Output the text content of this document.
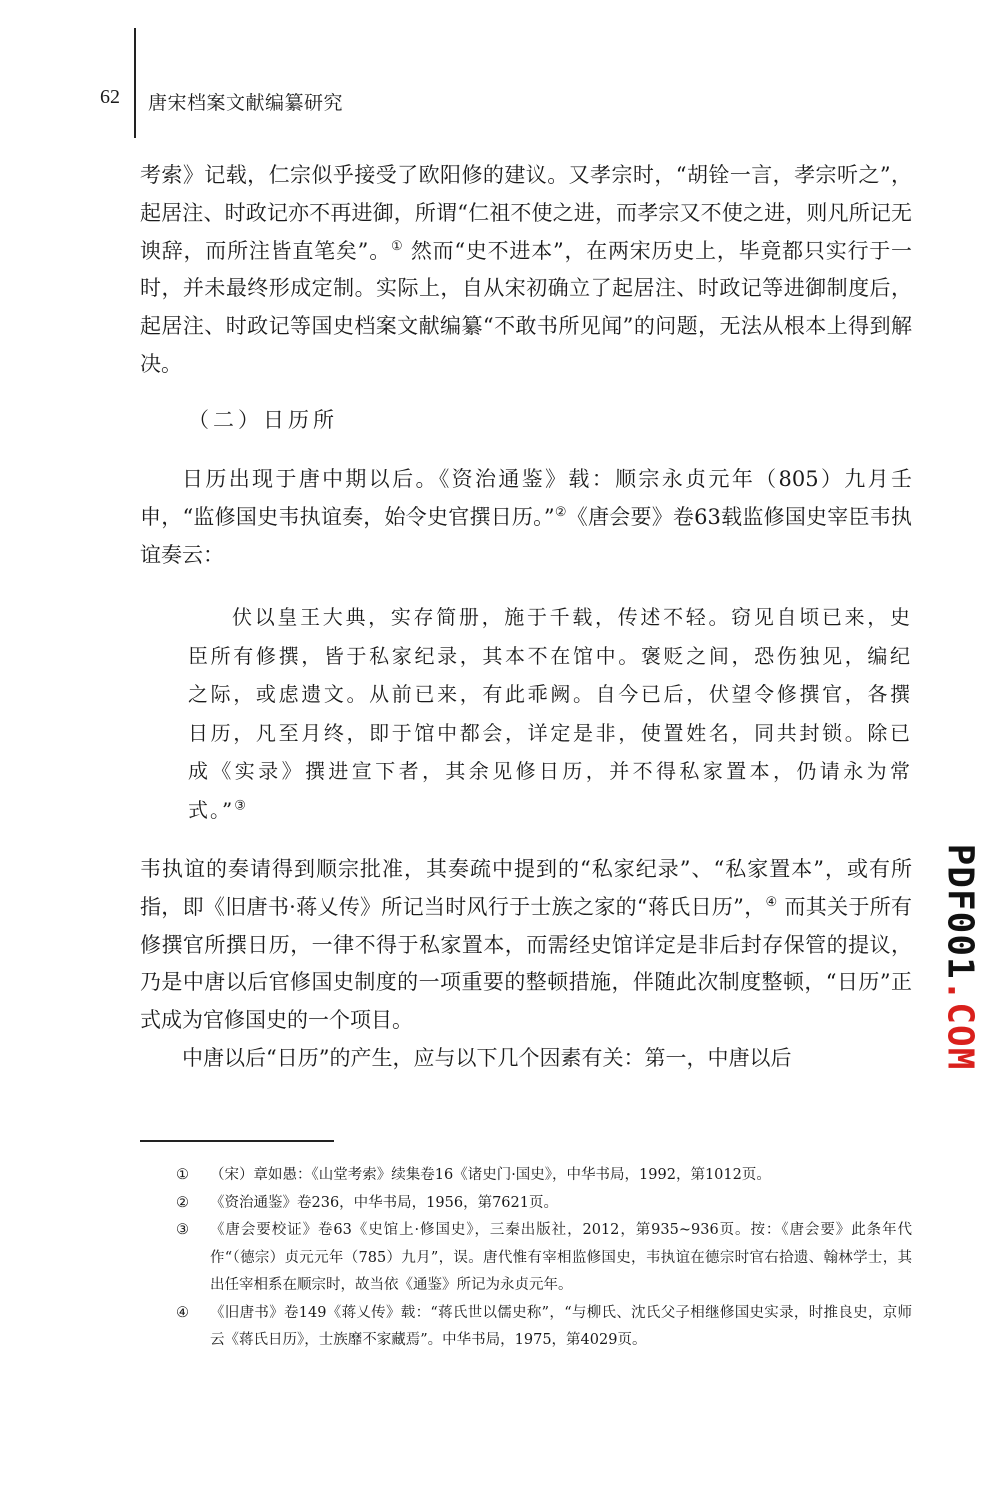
62 唐宋档案文献编纂研究

考索》记载，仁宗似乎接受了欧阳修的建议。又孝宗时，“胡铨一言，孝宗听之”，起居注、时政记亦不再进御，所谓“仁祖不使之进，而孝宗又不使之进，则凡所记无谀辞，而所注皆直笔矣”。① 然而“史不进本”，在两宋历史上，毕竟都只实行于一时，并未最终形成定制。实际上，自从宋初确立了起居注、时政记等进御制度后，起居注、时政记等国史档案文献编纂“不敢书所见闻”的问题，无法从根本上得到解决。

（二）日历所

日历出现于唐中期以后。《资治通鉴》载：顺宗永贞元年（805）九月壬申，“监修国史韦执谊奏，始令史官撰日历。”②《唐会要》卷63载监修国史宰臣韦执谊奏云：

伏以皇王大典，实存简册，施于千载，传述不轻。窃见自顷已来，史臣所有修撰，皆于私家纪录，其本不在馆中。褒贬之间，恐伤独见，编纪之际，或虑遗文。从前已来，有此乖阙。自今已后，伏望令修撰官，各撰日历，凡至月终，即于馆中都会，详定是非，使置姓名，同共封锁。除已成《实录》撰进宣下者，其余见修日历，并不得私家置本，仍请永为常式。”③

韦执谊的奏请得到顺宗批准，其奏疏中提到的“私家纪录”、“私家置本”，或有所指，即《旧唐书·蒋乂传》所记当时风行于士族之家的“蒋氏日历”，④ 而其关于所有修撰官所撰日历，一律不得于私家置本，而需经史馆详定是非后封存保管的提议，乃是中唐以后官修国史制度的一项重要的整顿措施，伴随此次制度整顿，“日历”正式成为官修国史的一个项目。

中唐以后“日历”的产生，应与以下几个因素有关：第一，中唐以后

① （宋）章如愚：《山堂考索》续集卷16《诸史门·国史》，中华书局，1992，第1012页。
② 《资治通鉴》卷236，中华书局，1956，第7621页。
③ 《唐会要校证》卷63《史馆上·修国史》，三秦出版社，2012，第935~936页。按：《唐会要》此条年代作“（德宗）贞元元年（785）九月”，误。唐代惟有宰相监修国史，韦执谊在德宗时官右拾遗、翰林学士，其出任宰相系在顺宗时，故当依《通鉴》所记为永贞元年。
④ 《旧唐书》卷149《蒋乂传》载：“蒋氏世以儒史称”，“与柳氏、沈氏父子相继修国史实录，时推良史，京师云《蒋氏日历》，士族靡不家藏焉”。中华书局，1975，第4029页。
PDF001.COM
